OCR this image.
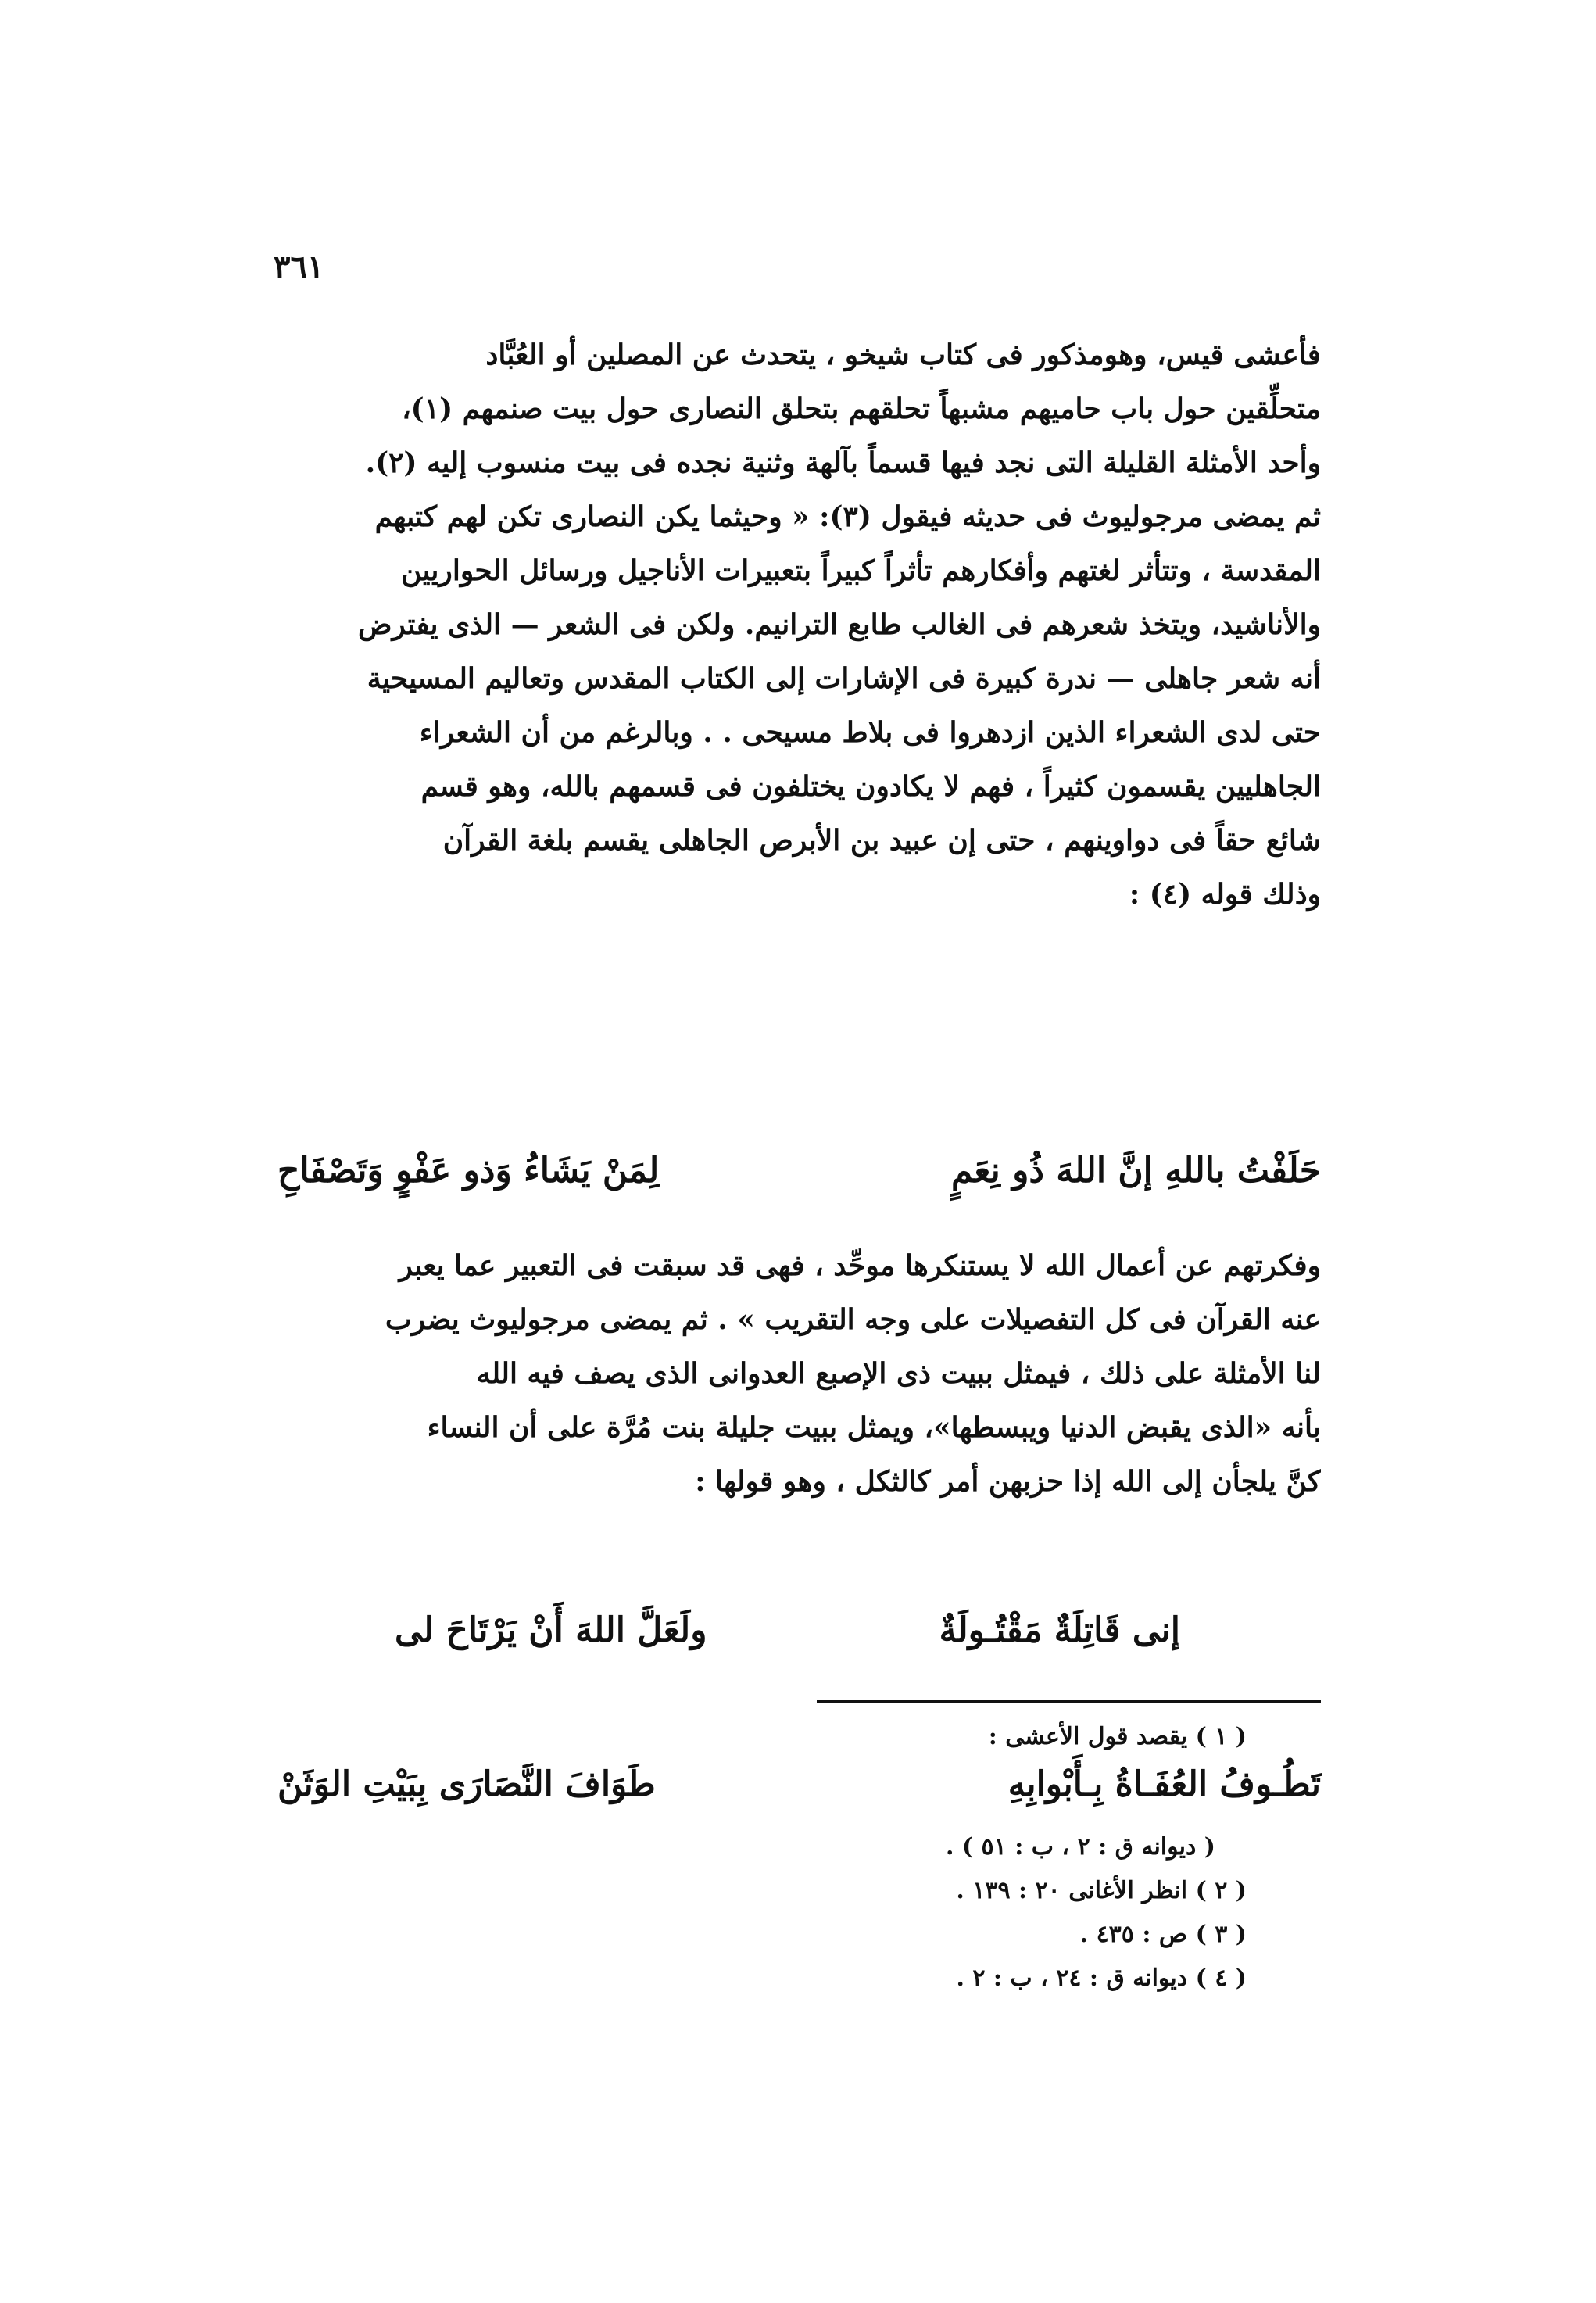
٣٦١
فأعشى قيس، وهومذكور فى كتاب شيخو ، يتحدث عن المصلين أو العُبَّاد
متحلِّقين حول باب حاميهم مشبهاً تحلقهم بتحلق النصارى حول بيت صنمهم (١)،
وأحد الأمثلة القليلة التى نجد فيها قسماً بآلهة وثنية نجده فى بيت منسوب إليه (٢).
ثم يمضى مرجوليوث فى حديثه فيقول (٣): « وحيثما يكن النصارى تكن لهم كتبهم
المقدسة ، وتتأثر لغتهم وأفكارهم تأثراً كبيراً بتعبيرات الأناجيل ورسائل الحواريين
والأناشيد، ويتخذ شعرهم فى الغالب طابع الترانيم. ولكن فى الشعر — الذى يفترض
أنه شعر جاهلى — ندرة كبيرة فى الإشارات إلى الكتاب المقدس وتعاليم المسيحية
حتى لدى الشعراء الذين ازدهروا فى بلاط مسيحى . . وبالرغم من أن الشعراء
الجاهليين يقسمون كثيراً ، فهم لا يكادون يختلفون فى قسمهم بالله، وهو قسم
شائع حقاً فى دواوينهم ، حتى إن عبيد بن الأبرص الجاهلى يقسم بلغة القرآن
وذلك قوله (٤) :
حَلَفْتُ باللهِ إنَّ اللهَ ذُو نِعَمٍ
لِمَنْ يَشَاءُ وَذو عَفْوٍ وَتَصْفَاحِ
وفكرتهم عن أعمال الله لا يستنكرها موحِّد ، فهى قد سبقت فى التعبير عما يعبر
عنه القرآن فى كل التفصيلات على وجه التقريب » . ثم يمضى مرجوليوث يضرب
لنا الأمثلة على ذلك ، فيمثل ببيت ذى الإصبع العدوانى الذى يصف فيه الله
بأنه «الذى يقبض الدنيا ويبسطها»، ويمثل ببيت جليلة بنت مُرَّة على أن النساء
كنَّ يلجأن إلى الله إذا حزبهن أمر كالثكل ، وهو قولها :
إنى قَاتِلَةٌ مَقْتُـولَةٌ
ولَعَلَّ اللهَ أَنْ يَرْتَاحَ لى
( ١ ) يقصد قول الأعشى :
تَطُـوفُ العُفَـاةُ بِـأَبْوابِهِ
طَوَافَ النَّصَارَى بِبَيْتِ الوَثَنْ
( ديوانه ق : ٢ ، ب : ٥١ ) .
( ٢ ) انظر الأغانى ٢٠ : ١٣٩ .
( ٣ ) ص : ٤٣٥ .
( ٤ ) ديوانه ق : ٢٤ ، ب : ٢ .
